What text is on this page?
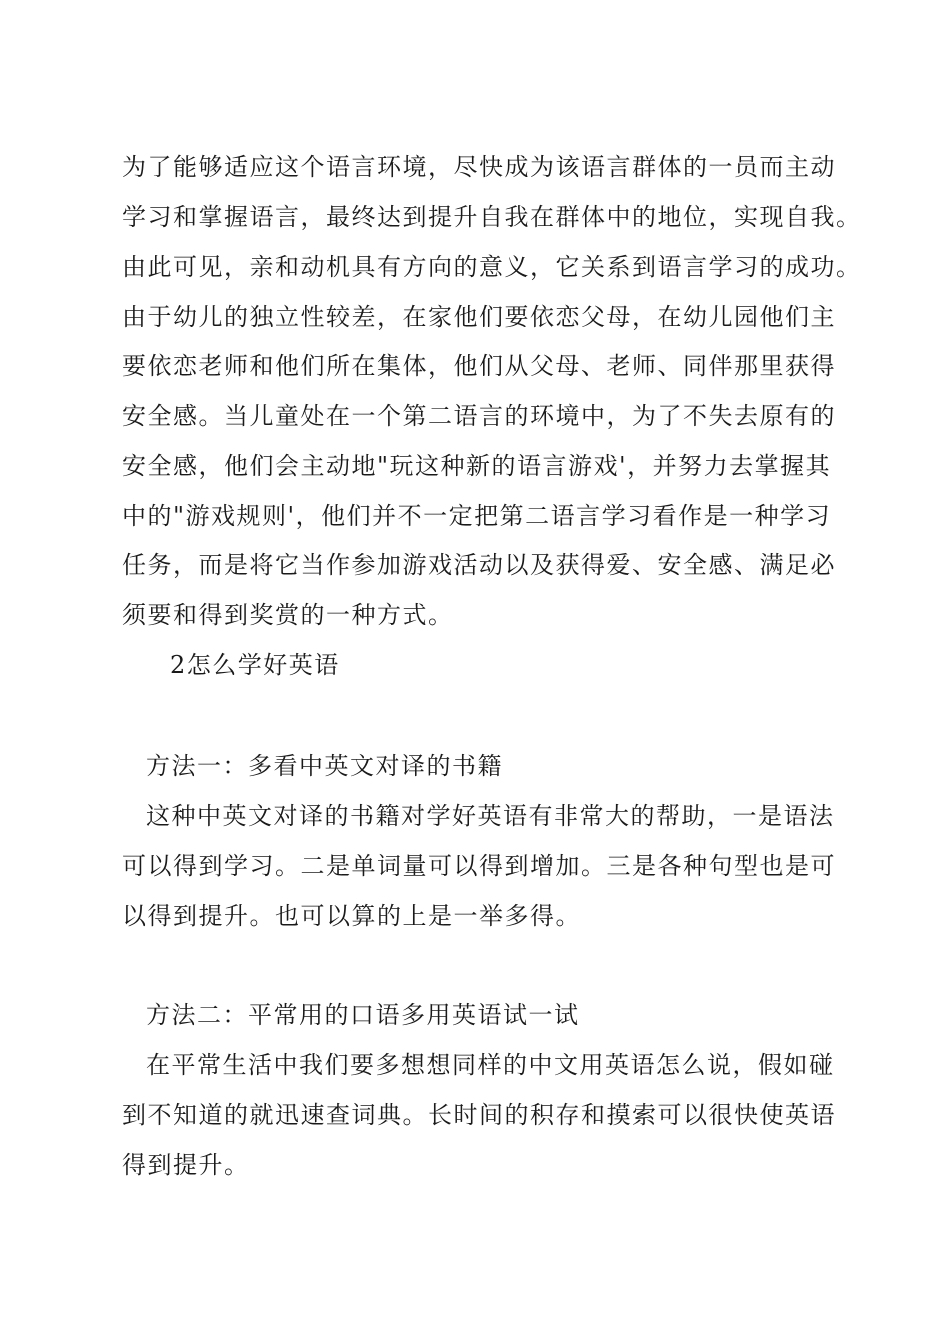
为了能够适应这个语言环境，尽快成为该语言群体的一员而主动
学习和掌握语言，最终达到提升自我在群体中的地位，实现自我。
由此可见，亲和动机具有方向的意义，它关系到语言学习的成功。
由于幼儿的独立性较差，在家他们要依恋父母，在幼儿园他们主
要依恋老师和他们所在集体，他们从父母、老师、同伴那里获得
安全感。当儿童处在一个第二语言的环境中，为了不失去原有的
安全感，他们会主动地"玩这种新的语言游戏'，并努力去掌握其
中的"游戏规则'，他们并不一定把第二语言学习看作是一种学习
任务，而是将它当作参加游戏活动以及获得爱、安全感、满足必
须要和得到奖赏的一种方式。
2怎么学好英语
方法一：多看中英文对译的书籍
这种中英文对译的书籍对学好英语有非常大的帮助，一是语法
可以得到学习。二是单词量可以得到增加。三是各种句型也是可
以得到提升。也可以算的上是一举多得。
方法二：平常用的口语多用英语试一试
在平常生活中我们要多想想同样的中文用英语怎么说，假如碰
到不知道的就迅速查词典。长时间的积存和摸索可以很快使英语
得到提升。
